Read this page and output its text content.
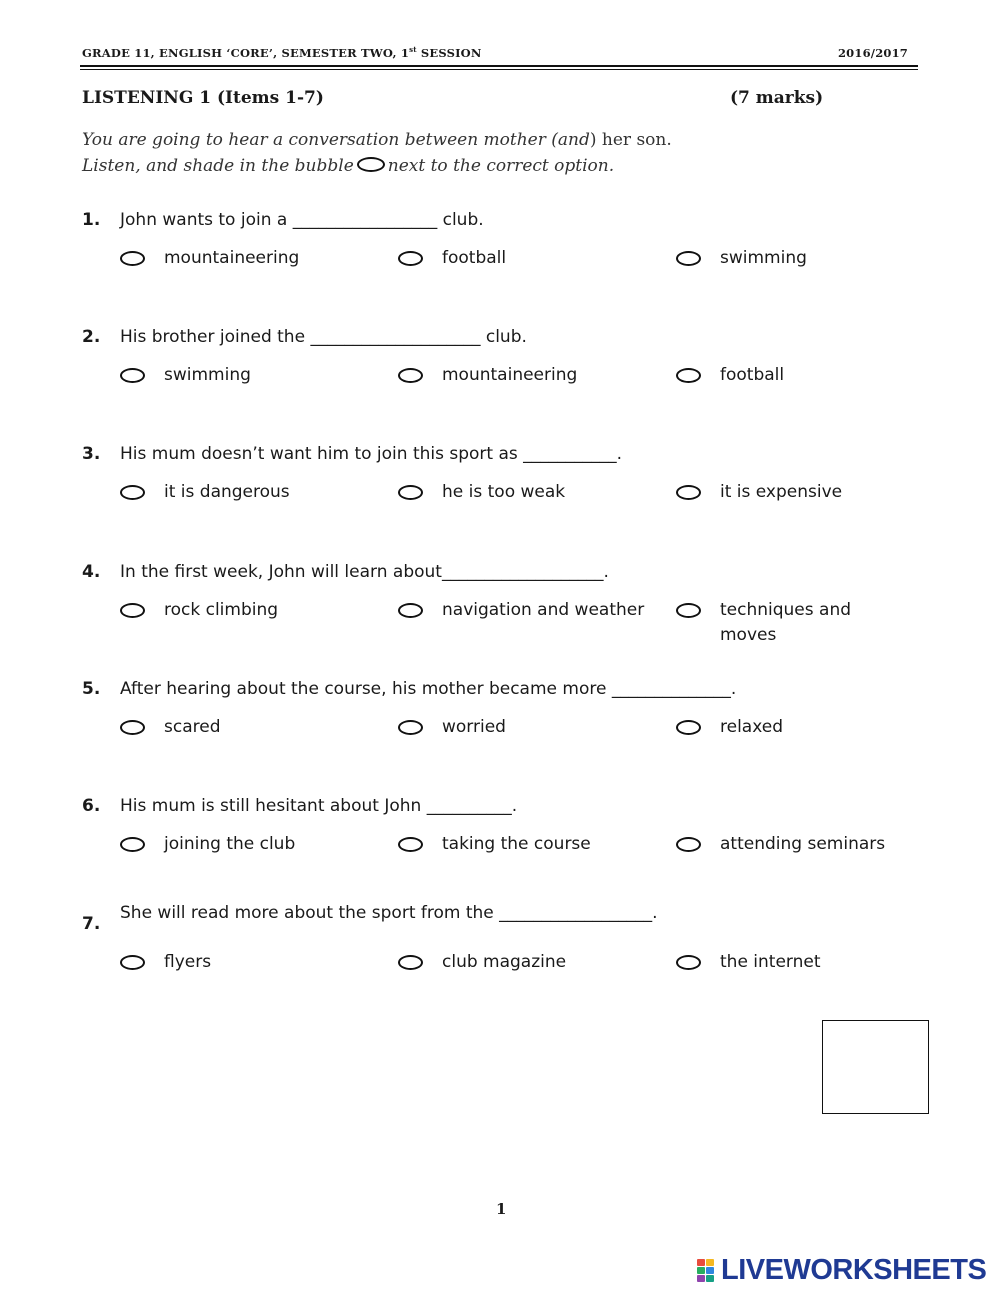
GRADE 11, ENGLISH ‘CORE’, SEMESTER TWO, 1st SESSION	2016/2017
LISTENING 1 (Items 1-7)	(7 marks)
You are going to hear a conversation between mother (and) her son.
Listen, and shade in the bubble next to the correct option.
1. John wants to join a _________________ club.
mountaineering	football	swimming
2. His brother joined the ____________________ club.
swimming	mountaineering	football
3. His mum doesn’t want him to join this sport as ___________.
it is dangerous	he is too weak	it is expensive
4. In the first week, John will learn about___________________.
rock climbing	navigation and weather	techniques and moves
5. After hearing about the course, his mother became more ______________.
scared	worried	relaxed
6. His mum is still hesitant about John __________.
joining the club	taking the course	attending seminars
7.
She will read more about the sport from the __________________.
flyers	club magazine	the internet
1
LIVEWORKSHEETS
